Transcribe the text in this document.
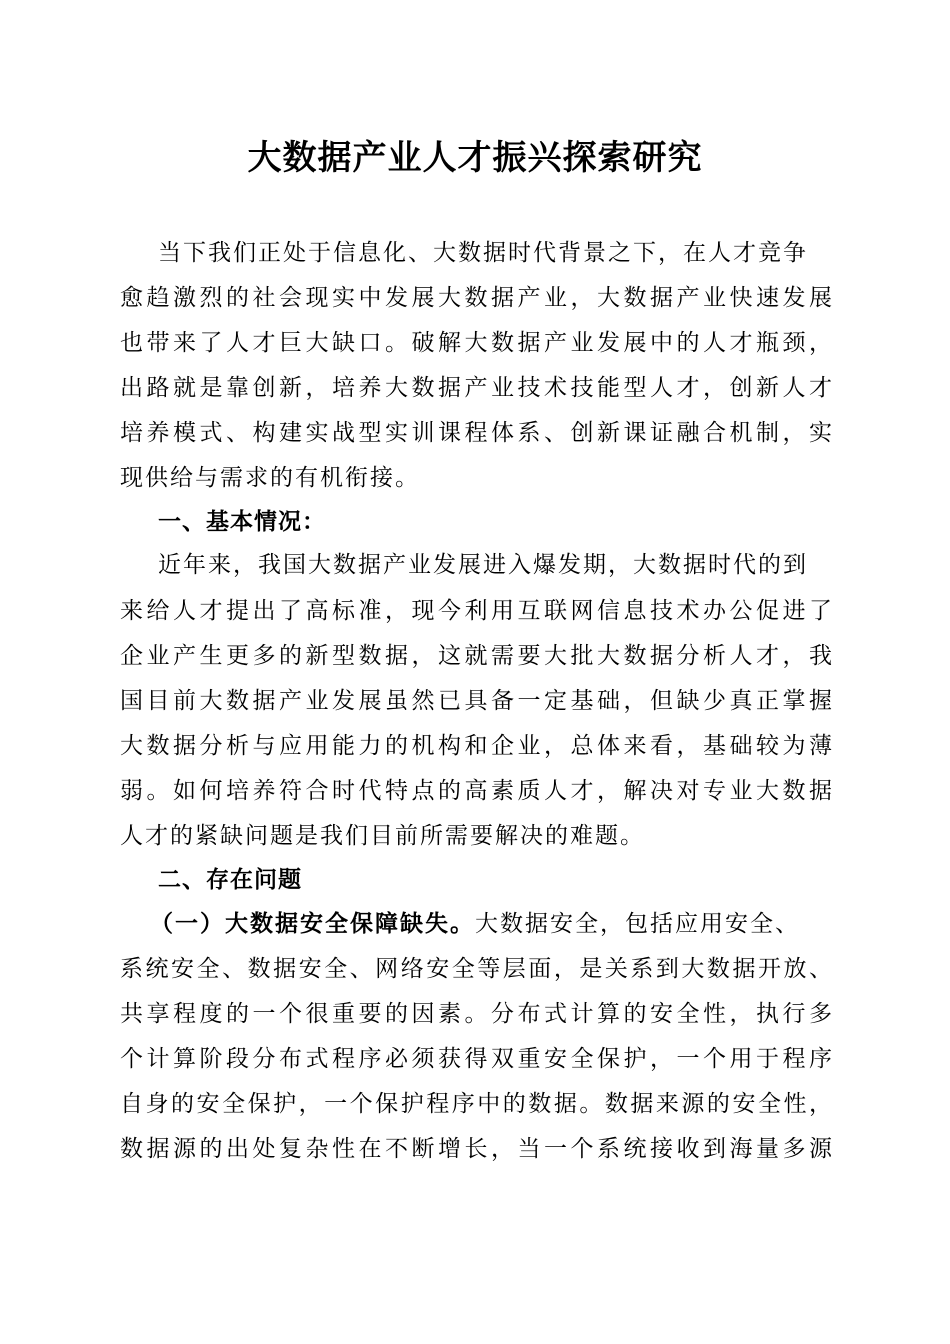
大数据产业人才振兴探索研究
当下我们正处于信息化、大数据时代背景之下，在人才竞争
愈趋激烈的社会现实中发展大数据产业，大数据产业快速发展
也带来了人才巨大缺口。破解大数据产业发展中的人才瓶颈，
出路就是靠创新，培养大数据产业技术技能型人才，创新人才
培养模式、构建实战型实训课程体系、创新课证融合机制，实
现供给与需求的有机衔接。
一、基本情况：
近年来，我国大数据产业发展进入爆发期，大数据时代的到
来给人才提出了高标准，现今利用互联网信息技术办公促进了
企业产生更多的新型数据，这就需要大批大数据分析人才，我
国目前大数据产业发展虽然已具备一定基础，但缺少真正掌握
大数据分析与应用能力的机构和企业，总体来看，基础较为薄
弱。如何培养符合时代特点的高素质人才，解决对专业大数据
人才的紧缺问题是我们目前所需要解决的难题。
二、存在问题
（一）大数据安全保障缺失。大数据安全，包括应用安全、
系统安全、数据安全、网络安全等层面，是关系到大数据开放、
共享程度的一个很重要的因素。分布式计算的安全性，执行多
个计算阶段分布式程序必须获得双重安全保护，一个用于程序
自身的安全保护，一个保护程序中的数据。数据来源的安全性，
数据源的出处复杂性在不断增长，当一个系统接收到海量多源
